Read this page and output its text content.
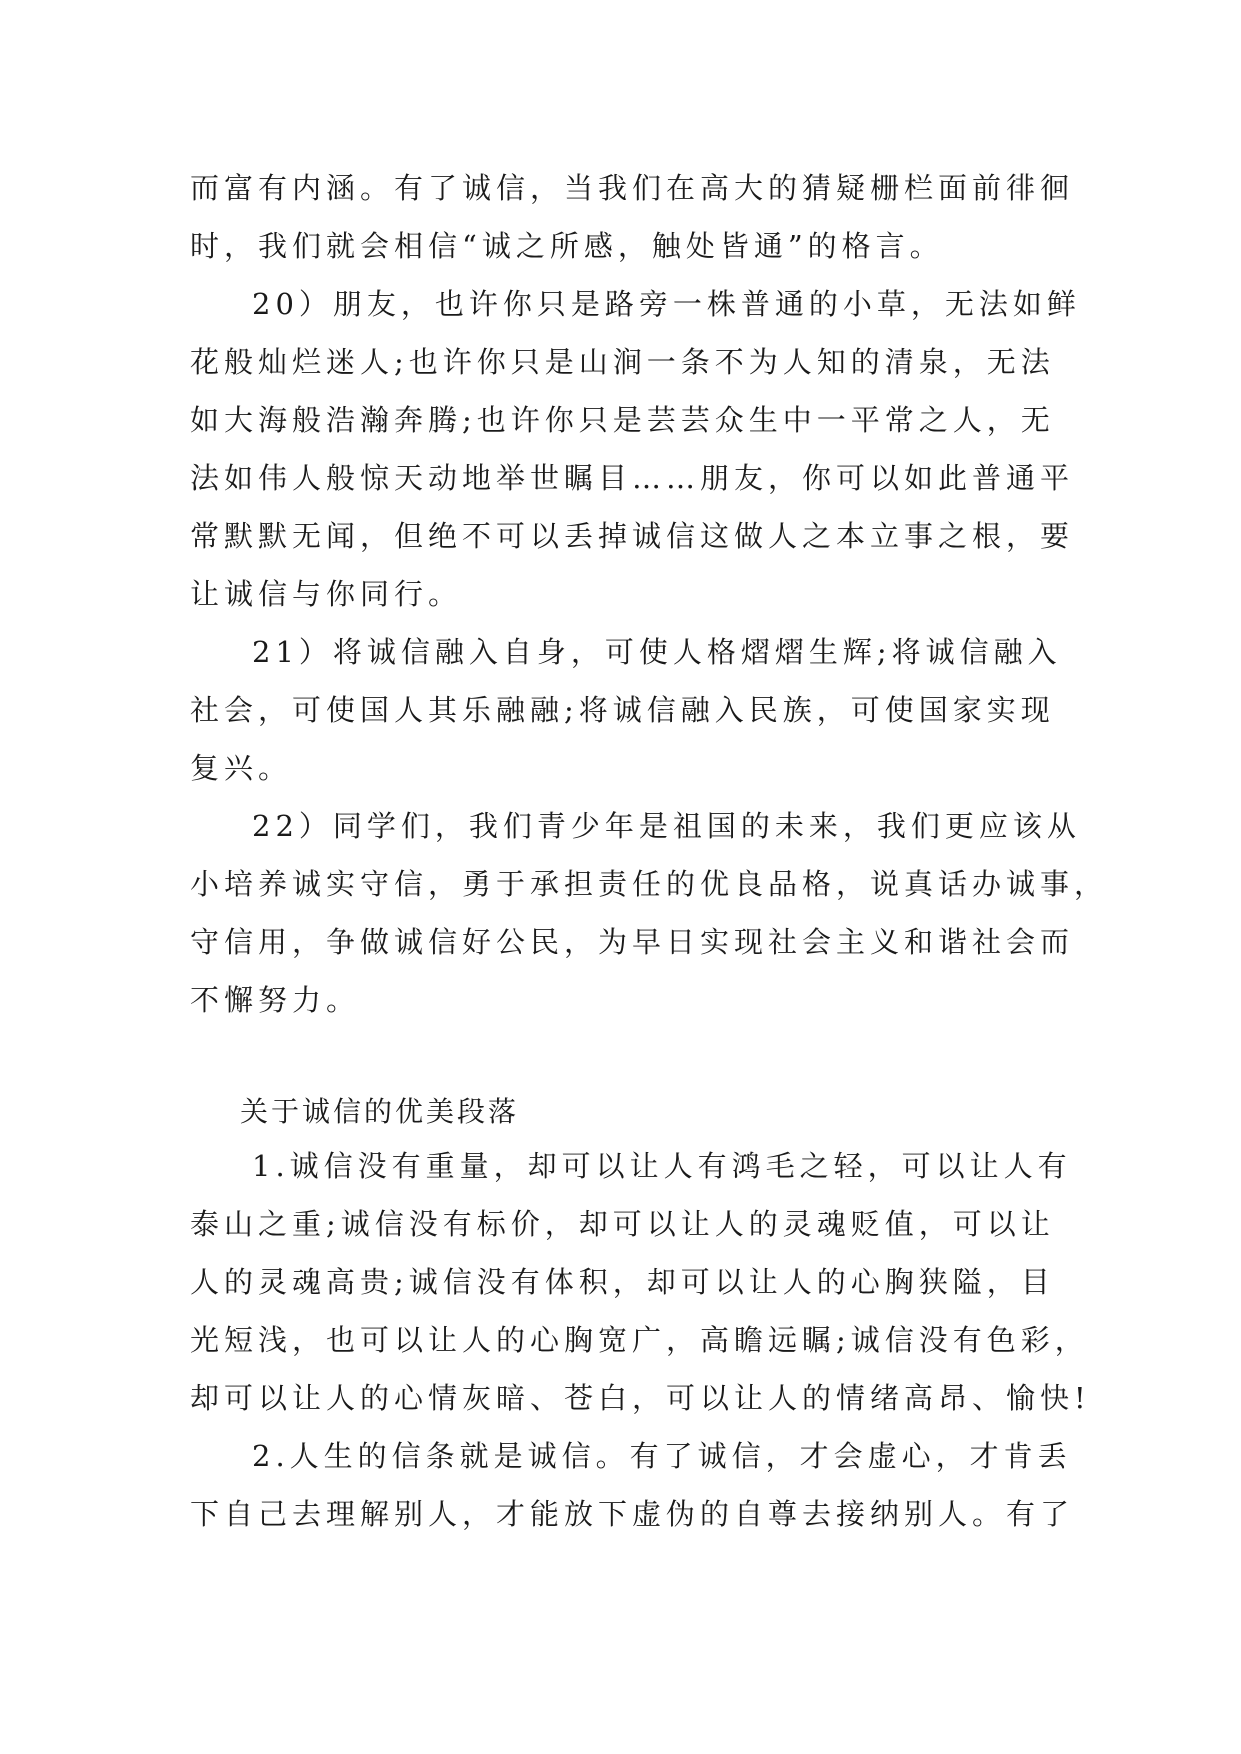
而富有内涵。有了诚信，当我们在高大的猜疑栅栏面前徘徊
时，我们就会相信“诚之所感，触处皆通”的格言。
20）朋友，也许你只是路旁一株普通的小草，无法如鲜
花般灿烂迷人;也许你只是山涧一条不为人知的清泉，无法
如大海般浩瀚奔腾;也许你只是芸芸众生中一平常之人，无
法如伟人般惊天动地举世瞩目……朋友，你可以如此普通平
常默默无闻，但绝不可以丢掉诚信这做人之本立事之根，要
让诚信与你同行。
21）将诚信融入自身，可使人格熠熠生辉;将诚信融入
社会，可使国人其乐融融;将诚信融入民族，可使国家实现
复兴。
22）同学们，我们青少年是祖国的未来，我们更应该从
小培养诚实守信，勇于承担责任的优良品格，说真话办诚事，
守信用，争做诚信好公民，为早日实现社会主义和谐社会而
不懈努力。
关于诚信的优美段落
1.诚信没有重量，却可以让人有鸿毛之轻，可以让人有
泰山之重;诚信没有标价，却可以让人的灵魂贬值，可以让
人的灵魂高贵;诚信没有体积，却可以让人的心胸狭隘，目
光短浅，也可以让人的心胸宽广，高瞻远瞩;诚信没有色彩，
却可以让人的心情灰暗、苍白，可以让人的情绪高昂、愉快!
2.人生的信条就是诚信。有了诚信，才会虚心，才肯丢
下自己去理解别人，才能放下虚伪的自尊去接纳别人。有了
